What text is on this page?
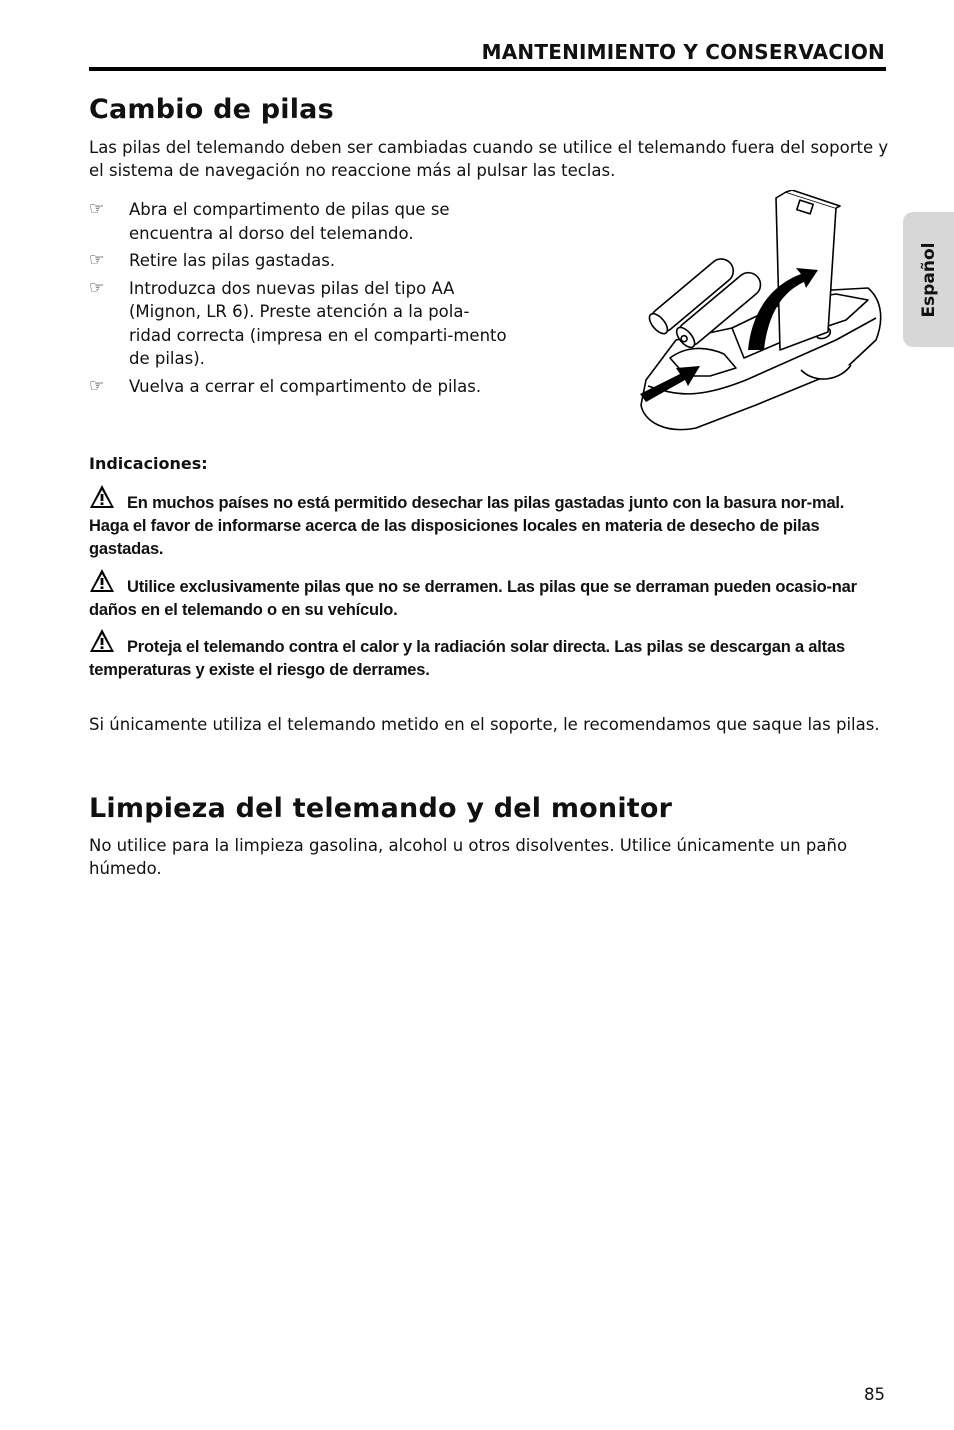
MANTENIMIENTO Y CONSERVACION
Español
Cambio de pilas

Las pilas del telemando deben ser cambiadas cuando se utilice el telemando fuera del soporte y el sistema de navegación no reaccione más al pulsar las teclas.

☞	Abra el compartimento de pilas que se encuentra al dorso del telemando.
☞	Retire las pilas gastadas.
☞	Introduzca dos nuevas pilas del tipo AA (Mignon, LR 6). Preste atención a la pola-ridad correcta (impresa en el comparti-mento de pilas).
☞	Vuelva a cerrar el compartimento de pilas.
Indicaciones:

En muchos países no está permitido desechar las pilas gastadas junto con la basura nor-mal. Haga el favor de informarse acerca de las disposiciones locales en materia de desecho de pilas gastadas.

Utilice exclusivamente pilas que no se derramen. Las pilas que se derraman pueden ocasio-nar daños en el telemando o en su vehículo.

Proteja el telemando contra el calor y la radiación solar directa. Las pilas se descargan a altas temperaturas y existe el riesgo de derrames.

Si únicamente utiliza el telemando metido en el soporte, le recomendamos que saque las pilas.

Limpieza del telemando y del monitor

No utilice para la limpieza gasolina, alcohol u otros disolventes. Utilice únicamente un paño húmedo.

85
